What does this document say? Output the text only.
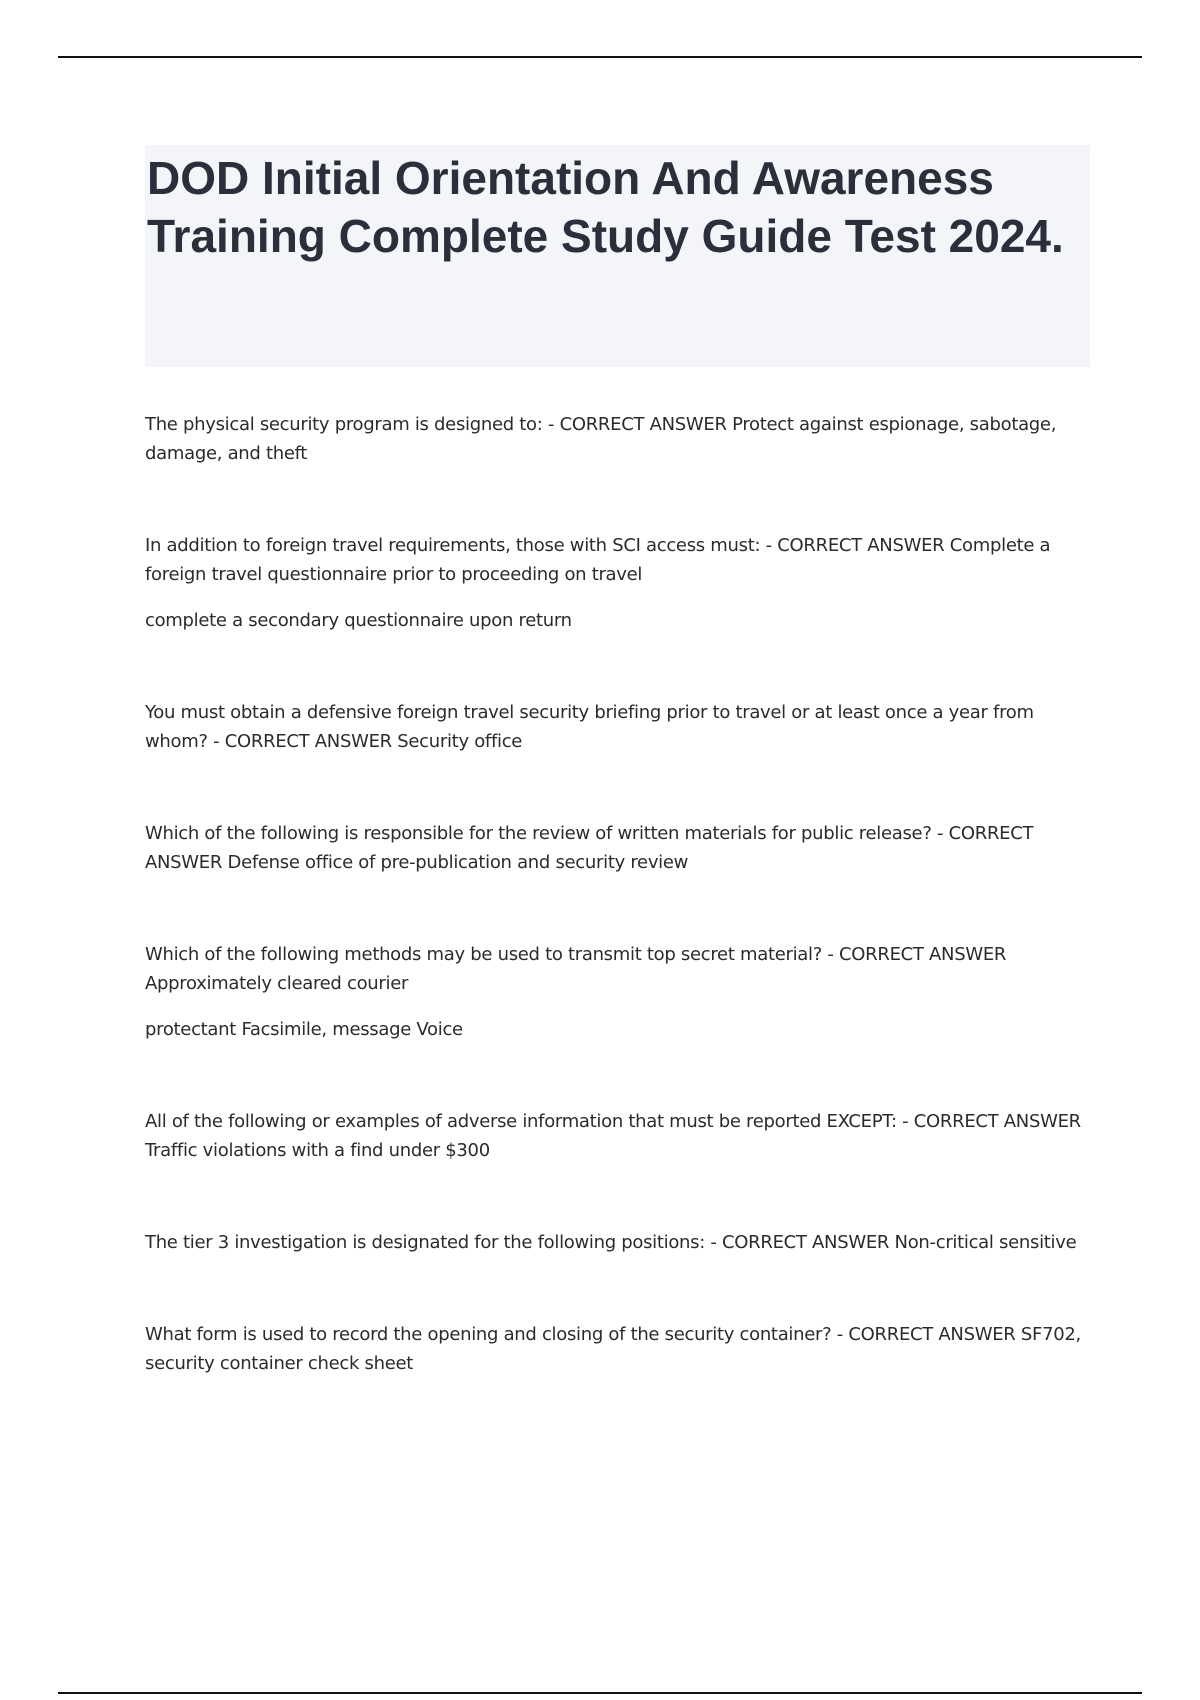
DOD Initial Orientation And Awareness Training Complete Study Guide Test 2024.

The physical security program is designed to: - CORRECT ANSWER Protect against espionage, sabotage, damage, and theft

In addition to foreign travel requirements, those with SCI access must: - CORRECT ANSWER Complete a foreign travel questionnaire prior to proceeding on travel

complete a secondary questionnaire upon return

You must obtain a defensive foreign travel security briefing prior to travel or at least once a year from whom? - CORRECT ANSWER Security office

Which of the following is responsible for the review of written materials for public release? - CORRECT ANSWER Defense office of pre-publication and security review

Which of the following methods may be used to transmit top secret material? - CORRECT ANSWER Approximately cleared courier

protectant Facsimile, message Voice

All of the following or examples of adverse information that must be reported EXCEPT: - CORRECT ANSWER Traffic violations with a find under $300

The tier 3 investigation is designated for the following positions: - CORRECT ANSWER Non-critical sensitive

What form is used to record the opening and closing of the security container? - CORRECT ANSWER SF702, security container check sheet
